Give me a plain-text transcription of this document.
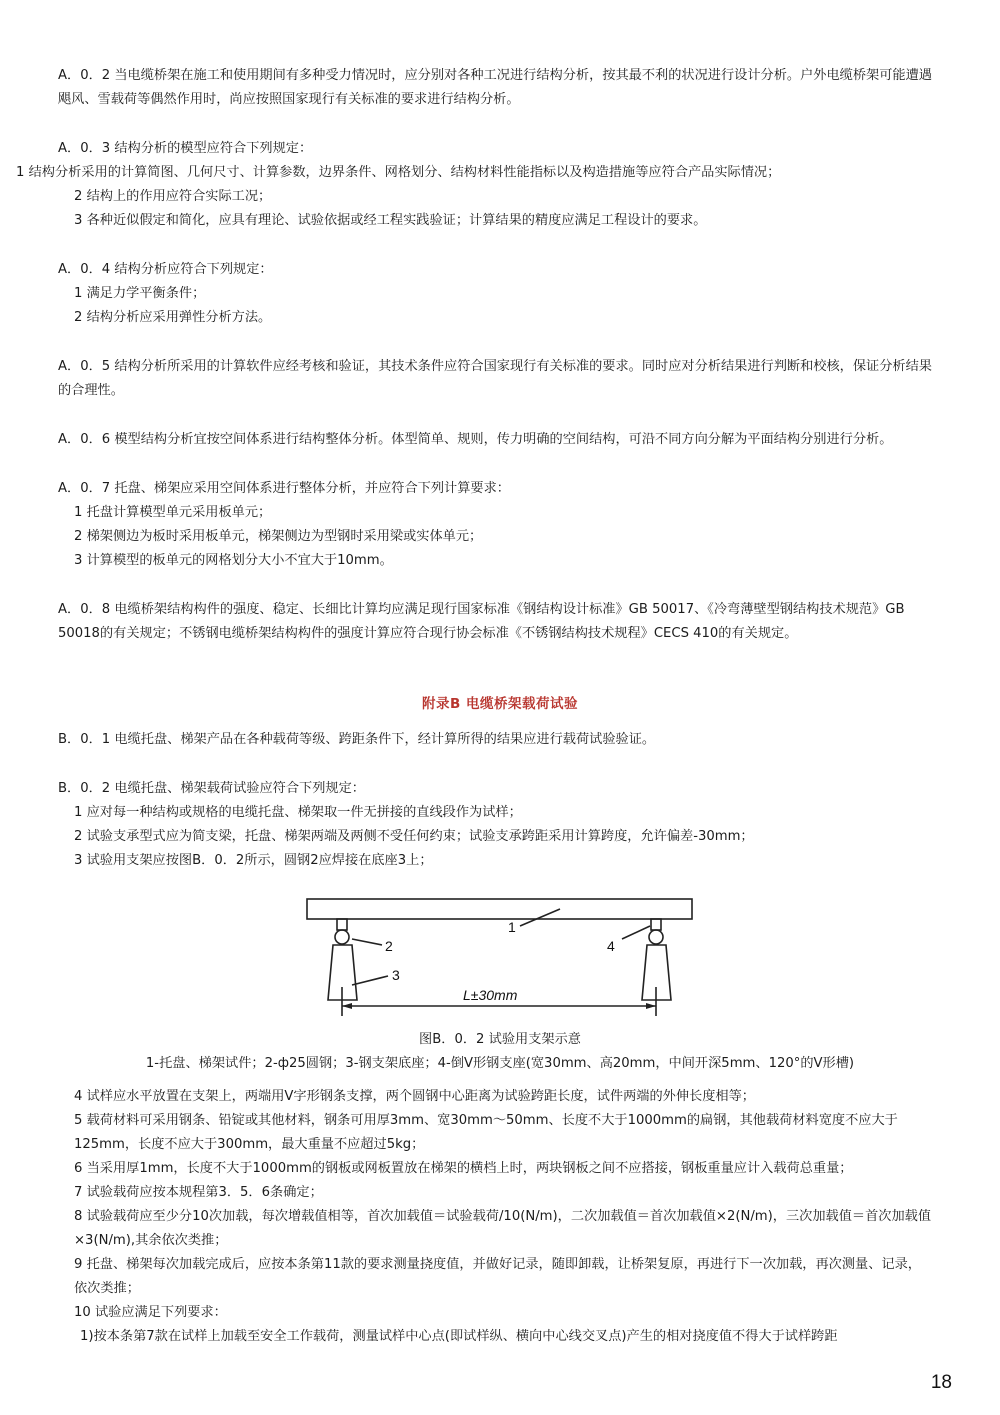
A．0．2 当电缆桥架在施工和使用期间有多种受力情况时，应分别对各种工况进行结构分析，按其最不利的状况进行设计分析。户外电缆桥架可能遭遇飓风、雪载荷等偶然作用时，尚应按照国家现行有关标准的要求进行结构分析。

A．0．3 结构分析的模型应符合下列规定：

1 结构分析采用的计算简图、几何尺寸、计算参数，边界条件、网格划分、结构材料性能指标以及构造措施等应符合产品实际情况；

2 结构上的作用应符合实际工况；

3 各种近似假定和简化，应具有理论、试验依据或经工程实践验证；计算结果的精度应满足工程设计的要求。

A．0．4 结构分析应符合下列规定：

1 满足力学平衡条件；

2 结构分析应采用弹性分析方法。

A．0．5 结构分析所采用的计算软件应经考核和验证，其技术条件应符合国家现行有关标准的要求。同时应对分析结果进行判断和校核，保证分析结果的合理性。

A．0．6 模型结构分析宜按空间体系进行结构整体分析。体型简单、规则，传力明确的空间结构，可沿不同方向分解为平面结构分别进行分析。

A．0．7 托盘、梯架应采用空间体系进行整体分析，并应符合下列计算要求：

1 托盘计算模型单元采用板单元；

2 梯架侧边为板时采用板单元，梯架侧边为型钢时采用梁或实体单元；

3 计算模型的板单元的网格划分大小不宜大于10mm。

A．0．8 电缆桥架结构构件的强度、稳定、长细比计算均应满足现行国家标准《钢结构设计标准》GB 50017、《冷弯薄壁型钢结构技术规范》GB 50018的有关规定；不锈钢电缆桥架结构构件的强度计算应符合现行协会标准《不锈钢结构技术规程》CECS 410的有关规定。

附录B 电缆桥架载荷试验

B．0．1 电缆托盘、梯架产品在各种载荷等级、跨距条件下，经计算所得的结果应进行载荷试验验证。

B．0．2 电缆托盘、梯架载荷试验应符合下列规定：

1 应对每一种结构或规格的电缆托盘、梯架取一件无拼接的直线段作为试样；

2 试验支承型式应为简支梁，托盘、梯架两端及两侧不受任何约束；试验支承跨距采用计算跨度，允许偏差-30mm；

3 试验用支架应按图B．0．2所示，圆钢2应焊接在底座3上；

1
2
3
4
L±30mm

图B．0．2 试验用支架示意

1-托盘、梯架试件；2-ф25圆钢；3-钢支架底座；4-倒V形钢支座(宽30mm、高20mm，中间开深5mm、120°的V形槽)

4 试样应水平放置在支架上，两端用V字形钢条支撑，两个圆钢中心距离为试验跨距长度，试件两端的外伸长度相等；

5 载荷材料可采用钢条、铅锭或其他材料，钢条可用厚3mm、宽30mm～50mm、长度不大于1000mm的扁钢，其他载荷材料宽度不应大于125mm，长度不应大于300mm，最大重量不应超过5kg；

6 当采用厚1mm，长度不大于1000mm的钢板或网板置放在梯架的横档上时，两块钢板之间不应搭接，钢板重量应计入载荷总重量；

7 试验载荷应按本规程第3．5．6条确定；

8 试验载荷应至少分10次加载，每次增载值相等，首次加载值＝试验载荷/10(N/m)，二次加载值＝首次加载值×2(N/m)，三次加载值＝首次加载值×3(N/m),其余依次类推；

9 托盘、梯架每次加载完成后，应按本条第11款的要求测量挠度值，并做好记录，随即卸载，让桥架复原，再进行下一次加载，再次测量、记录，依次类推；

10 试验应满足下列要求：

1)按本条第7款在试样上加载至安全工作载荷，测量试样中心点(即试样纵、横向中心线交叉点)产生的相对挠度值不得大于试样跨距

18
